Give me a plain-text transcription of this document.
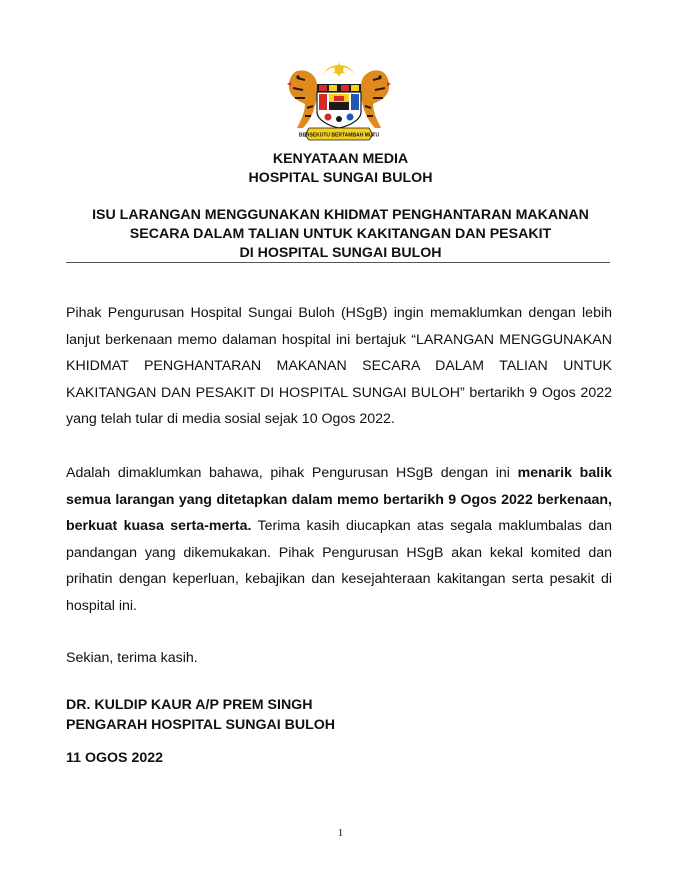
BERSEKUTU BERTAMBAH MUTU
KENYATAAN MEDIA
HOSPITAL SUNGAI BULOH
ISU LARANGAN MENGGUNAKAN KHIDMAT PENGHANTARAN MAKANAN
SECARA DALAM TALIAN UNTUK KAKITANGAN DAN PESAKIT
DI HOSPITAL SUNGAI BULOH

Pihak Pengurusan Hospital Sungai Buloh (HSgB) ingin memaklumkan dengan lebih lanjut berkenaan memo dalaman hospital ini bertajuk “LARANGAN MENGGUNAKAN KHIDMAT PENGHANTARAN MAKANAN SECARA DALAM TALIAN UNTUK KAKITANGAN DAN PESAKIT DI HOSPITAL SUNGAI BULOH” bertarikh 9 Ogos 2022 yang telah tular di media sosial sejak 10 Ogos 2022.

Adalah dimaklumkan bahawa, pihak Pengurusan HSgB dengan ini menarik balik semua larangan yang ditetapkan dalam memo bertarikh 9 Ogos 2022 berkenaan, berkuat kuasa serta-merta. Terima kasih diucapkan atas segala maklumbalas dan pandangan yang dikemukakan. Pihak Pengurusan HSgB akan kekal komited dan prihatin dengan keperluan, kebajikan dan kesejahteraan kakitangan serta pesakit di hospital ini.

Sekian, terima kasih.

DR. KULDIP KAUR A/P PREM SINGH
PENGARAH HOSPITAL SUNGAI BULOH
11 OGOS 2022
1
